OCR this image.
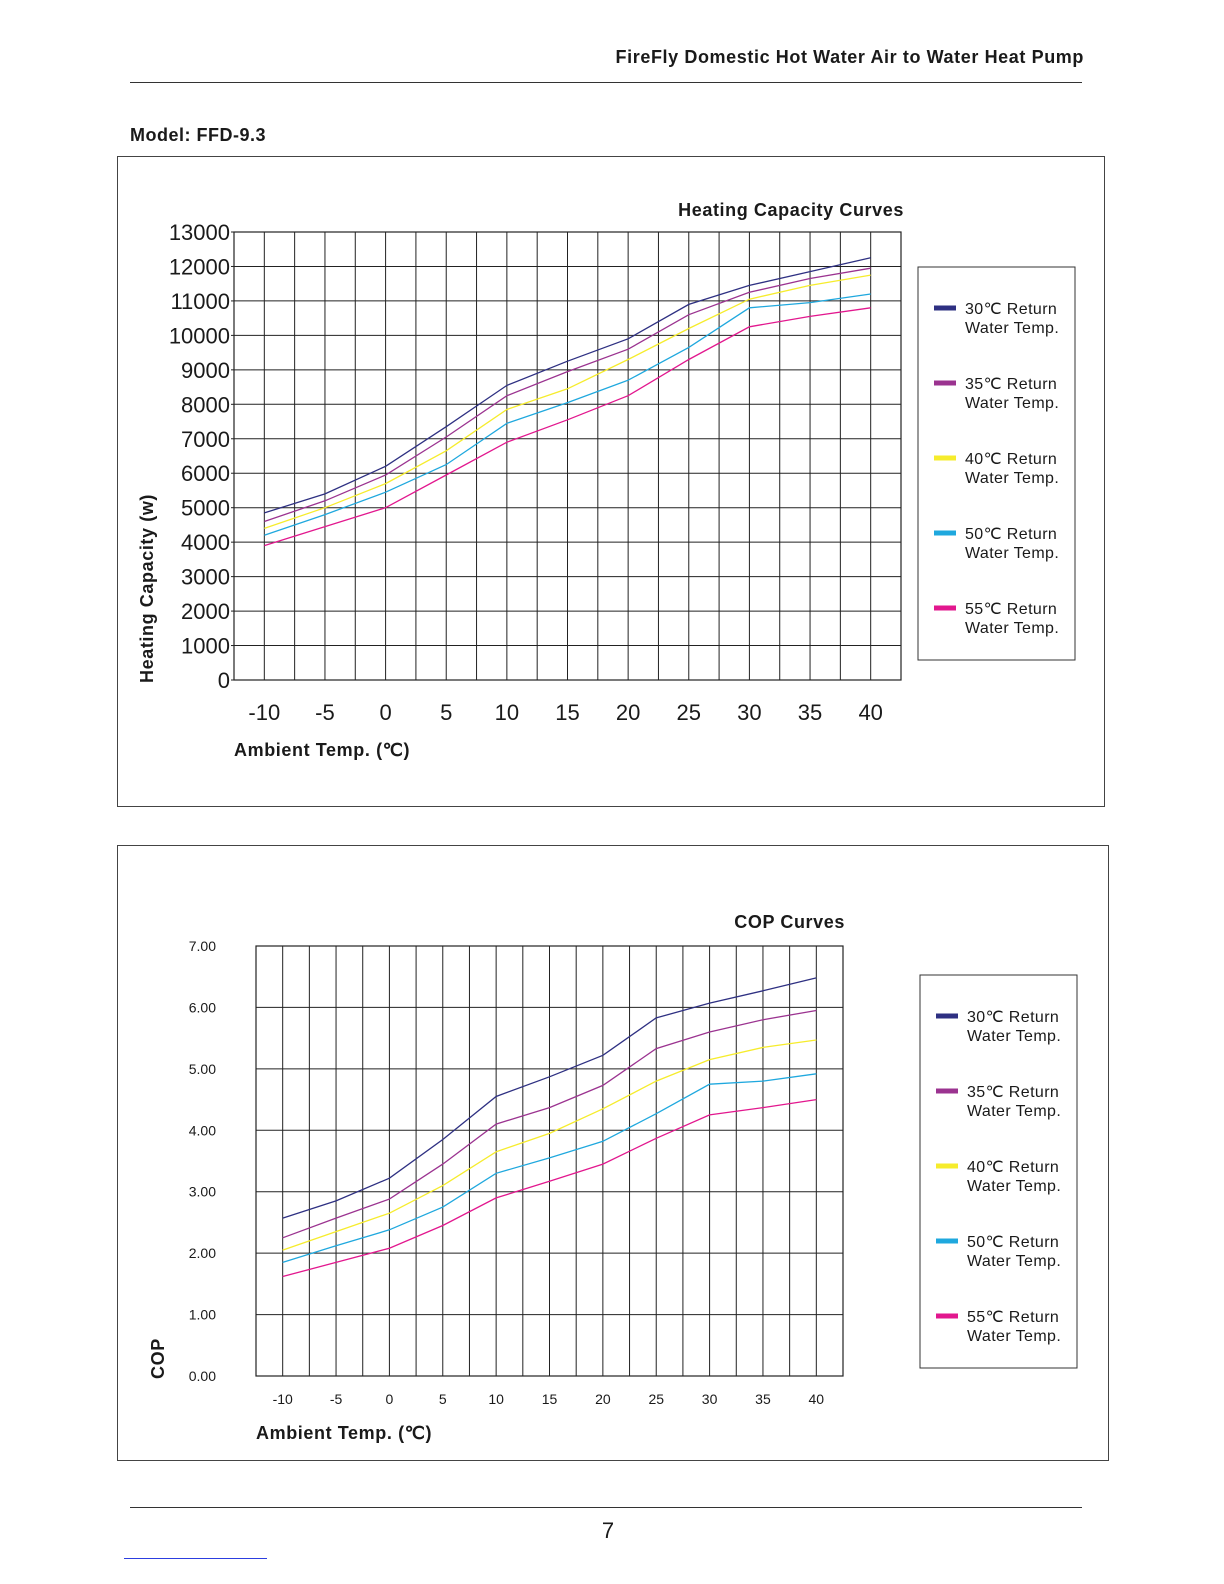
FireFly Domestic Hot Water Air to Water Heat Pump
Model: FFD-9.3
0
1000
2000
3000
4000
5000
6000
7000
8000
9000
10000
11000
12000
13000
-10 -5 0 5 10 15 20 25 30 35 40
Heating Capacity Curves
Ambient Temp. (℃)
Heating Capacity (w)
30℃ Return
Water Temp.
35℃ Return
Water Temp.
40℃ Return
Water Temp.
50℃ Return
Water Temp.
55℃ Return
Water Temp.
0.00
1.00
2.00
3.00
4.00
5.00
6.00
7.00
-10	-5	0	5	10	15	20	25	30	35	40
COP Curves
Ambient Temp. (℃)
COP
30℃ Return
Water Temp.
35℃ Return
Water Temp.
40℃ Return
Water Temp.
50℃ Return
Water Temp.
55℃ Return
Water Temp.
7
